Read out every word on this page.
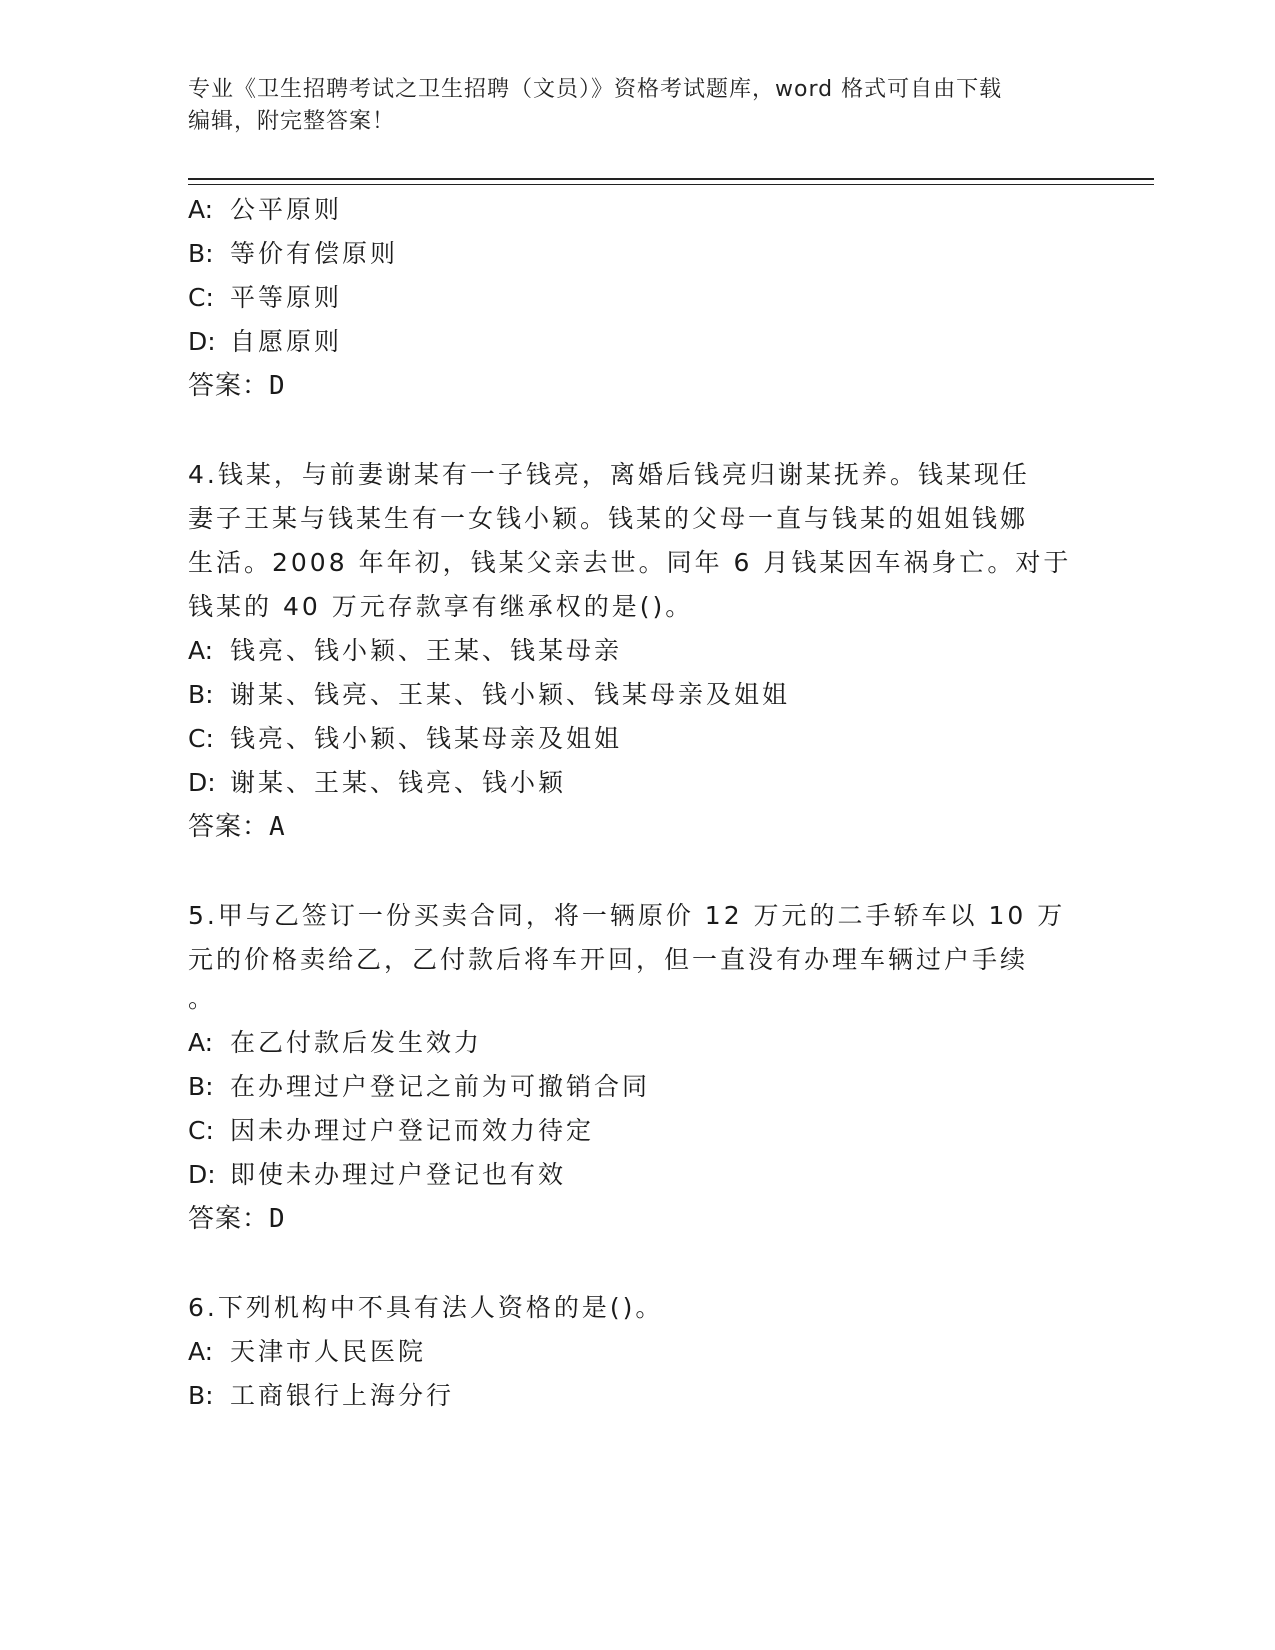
专业《卫生招聘考试之卫生招聘（文员）》资格考试题库，word 格式可自由下载
编辑，附完整答案！
A: 公平原则
B: 等价有偿原则
C: 平等原则
D: 自愿原则
答案：D
4.钱某，与前妻谢某有一子钱亮，离婚后钱亮归谢某抚养。钱某现任
妻子王某与钱某生有一女钱小颖。钱某的父母一直与钱某的姐姐钱娜
生活。2008 年年初，钱某父亲去世。同年 6 月钱某因车祸身亡。对于
钱某的 40 万元存款享有继承权的是()。
A: 钱亮、钱小颖、王某、钱某母亲
B: 谢某、钱亮、王某、钱小颖、钱某母亲及姐姐
C: 钱亮、钱小颖、钱某母亲及姐姐
D: 谢某、王某、钱亮、钱小颖
答案：A
5.甲与乙签订一份买卖合同，将一辆原价 12 万元的二手轿车以 10 万
元的价格卖给乙，乙付款后将车开回，但一直没有办理车辆过户手续
。
A: 在乙付款后发生效力
B: 在办理过户登记之前为可撤销合同
C: 因未办理过户登记而效力待定
D: 即使未办理过户登记也有效
答案：D
6.下列机构中不具有法人资格的是()。
A: 天津市人民医院
B: 工商银行上海分行
